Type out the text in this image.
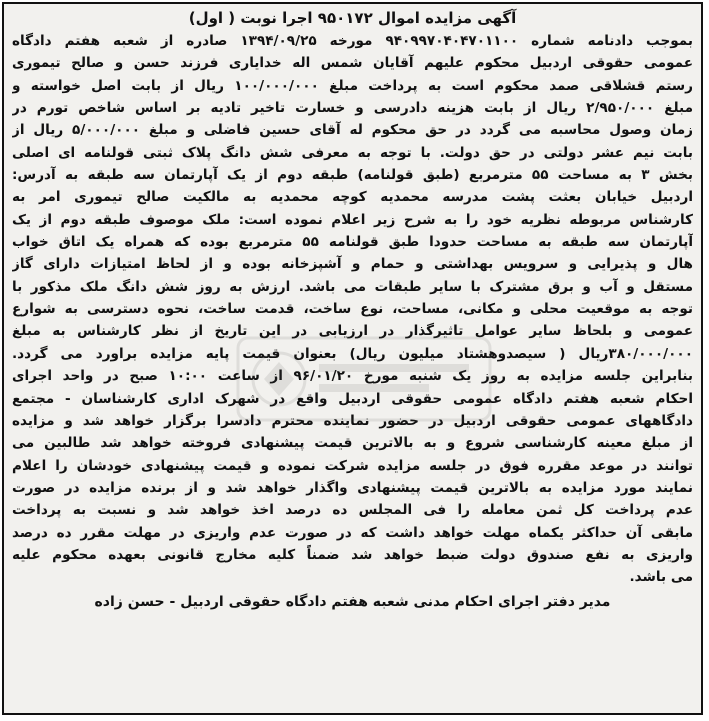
آگهی مزایده اموال ۹۵۰۱۷۲ اجرا نوبت ( اول)
بموجب دادنامه شماره ۹۴۰۹۹۷۰۴۰۴۷۰۱۱۰۰ مورخه ۱۳۹۴/۰۹/۲۵ صادره از شعبه هفتم دادگاه
عمومی حقوقی اردبیل محکوم علیهم آقایان شمس اله خدایاری فرزند حسن و صالح تیموری
رستم قشلاقی صمد محکوم است به پرداخت مبلغ ۱۰۰/۰۰۰/۰۰۰ ریال از بابت اصل خواسته و
مبلغ ۲/۹۵۰/۰۰۰ ریال از بابت هزینه دادرسی و خسارت تاخیر تادیه بر اساس شاخص تورم در
زمان وصول محاسبه می گردد در حق محکوم له آقای حسین فاضلی و مبلغ ۵/۰۰۰/۰۰۰ ریال از
بابت نیم عشر دولتی در حق دولت. با توجه به معرفی شش دانگ پلاک ثبتی قولنامه ای اصلی
بخش ۳ به مساحت ۵۵ مترمربع (طبق قولنامه) طبقه دوم از یک آپارتمان سه طبقه به آدرس:
اردبیل خیابان بعثت پشت مدرسه محمدیه کوچه محمدیه به مالکیت صالح تیموری امر به
کارشناس مربوطه نظریه خود را به شرح زیر اعلام نموده است: ملک موصوف طبقه دوم از یک
آپارتمان سه طبقه به مساحت حدودا طبق قولنامه ۵۵ مترمربع بوده که همراه یک اتاق خواب
هال و پذیرایی و سرویس بهداشتی و حمام و آشپزخانه بوده و از لحاظ امتیازات دارای گاز
مستقل و آب و برق مشترک با سایر طبقات می باشد. ارزش به روز شش دانگ ملک مذکور با
توجه به موقعیت محلی و مکانی، مساحت، نوع ساخت، قدمت ساخت، نحوه دسترسی به شوارع
عمومی و بلحاظ سایر عوامل تاثیرگذار در ارزیابی در این تاریخ از نظر کارشناس به مبلغ
۳۸۰/۰۰۰/۰۰۰ریال ( سیصدوهشتاد میلیون ریال) بعنوان قیمت پایه مزایده براورد می گردد.
بنابراین جلسه مزایده به روز یک شنبه مورخ ۹۶/۰۱/۲۰ از ساعت ۱۰:۰۰ صبح در واحد اجرای
احکام شعبه هفتم دادگاه عمومی حقوقی اردبیل واقع در شهرک اداری کارشناسان - مجتمع
دادگاههای عمومی حقوقی اردبیل در حضور نماینده محترم دادسرا برگزار خواهد شد و مزایده
از مبلغ معینه کارشناسی شروع و به بالاترین قیمت پیشنهادی فروخته خواهد شد طالبین می
توانند در موعد مقرره فوق در جلسه مزایده شرکت نموده و قیمت پیشنهادی خودشان را اعلام
نمایند مورد مزایده به بالاترین قیمت پیشنهادی واگذار خواهد شد و از برنده مزایده در صورت
عدم پرداخت کل ثمن معامله را فی المجلس ده درصد اخذ خواهد شد و نسبت به پرداخت
مابقی آن حداکثر یکماه مهلت خواهد داشت که در صورت عدم واریزی در مهلت مقرر ده درصد
واریزی به نفع صندوق دولت ضبط خواهد شد ضمناً کلیه مخارج قانونی بعهده محکوم علیه
می باشد.
مدیر دفتر اجرای احکام مدنی شعبه هفتم دادگاه حقوقی اردبیل - حسن زاده
